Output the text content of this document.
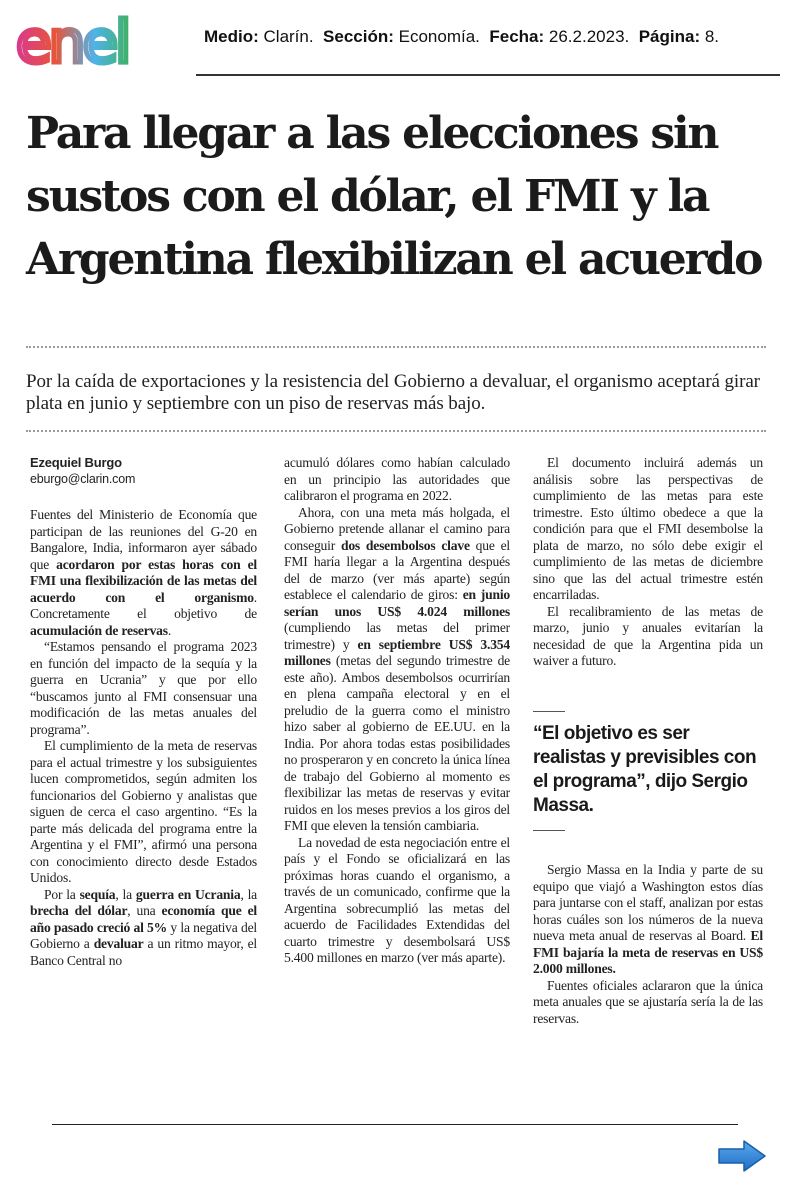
enel	Medio: Clarín. Sección: Economía. Fecha: 26.2.2023. Página: 8.
Para llegar a las elecciones sin sustos con el dólar, el FMI y la Argentina flexibilizan el acuerdo

Por la caída de exportaciones y la resistencia del Gobierno a devaluar, el organismo aceptará girar plata en junio y septiembre con un piso de reservas más bajo.

Ezequiel Burgo

eburgo@clarin.com

Fuentes del Ministerio de Economía que participan de las reuniones del G-20 en Bangalore, India, informaron ayer sábado que acordaron por estas horas con el FMI una flexibilización de las metas del acuerdo con el organismo. Concretamente el objetivo de acumulación de reservas.

“Estamos pensando el programa 2023 en función del impacto de la sequía y la guerra en Ucrania” y que por ello “buscamos junto al FMI consensuar una modificación de las metas anuales del programa”.

El cumplimiento de la meta de reservas para el actual trimestre y los subsiguientes lucen comprometidos, según admiten los funcionarios del Gobierno y analistas que siguen de cerca el caso argentino. “Es la parte más delicada del programa entre la Argentina y el FMI”, afirmó una persona con conocimiento directo desde Estados Unidos.

Por la sequía, la guerra en Ucrania, la brecha del dólar, una economía que el año pasado creció al 5% y la negativa del Gobierno a devaluar a un ritmo mayor, el Banco Central no

acumuló dólares como habían calculado en un principio las autoridades que calibraron el programa en 2022.

Ahora, con una meta más holgada, el Gobierno pretende allanar el camino para conseguir dos desembolsos clave que el FMI haría llegar a la Argentina después del de marzo (ver más aparte) según establece el calendario de giros: en junio serían unos US$ 4.024 millones (cumpliendo las metas del primer trimestre) y en septiembre US$ 3.354 millones (metas del segundo trimestre de este año). Ambos desembolsos ocurrirían en plena campaña electoral y en el preludio de la guerra como el ministro hizo saber al gobierno de EE.UU. en la India. Por ahora todas estas posibilidades no prosperaron y en concreto la única línea de trabajo del Gobierno al momento es flexibilizar las metas de reservas y evitar ruidos en los meses previos a los giros del FMI que eleven la tensión cambiaria.

La novedad de esta negociación entre el país y el Fondo se oficializará en las próximas horas cuando el organismo, a través de un comunicado, confirme que la Argentina sobrecumplió las metas del acuerdo de Facilidades Extendidas del cuarto trimestre y desembolsará US$ 5.400 millones en marzo (ver más aparte).

El documento incluirá además un análisis sobre las perspectivas de cumplimiento de las metas para este trimestre. Esto último obedece a que la condición para que el FMI desembolse la plata de marzo, no sólo debe exigir el cumplimiento de las metas de diciembre sino que las del actual trimestre estén encarriladas.

El recalibramiento de las metas de marzo, junio y anuales evitarían la necesidad de que la Argentina pida un waiver a futuro.

“El objetivo es ser realistas y previsibles con el programa”, dijo Sergio Massa.

Sergio Massa en la India y parte de su equipo que viajó a Washington estos días para juntarse con el staff, analizan por estas horas cuáles son los números de la nueva nueva meta anual de reservas al Board. El FMI bajaría la meta de reservas en US$ 2.000 millones.

Fuentes oficiales aclararon que la única meta anuales que se ajustaría sería la de las reservas.
